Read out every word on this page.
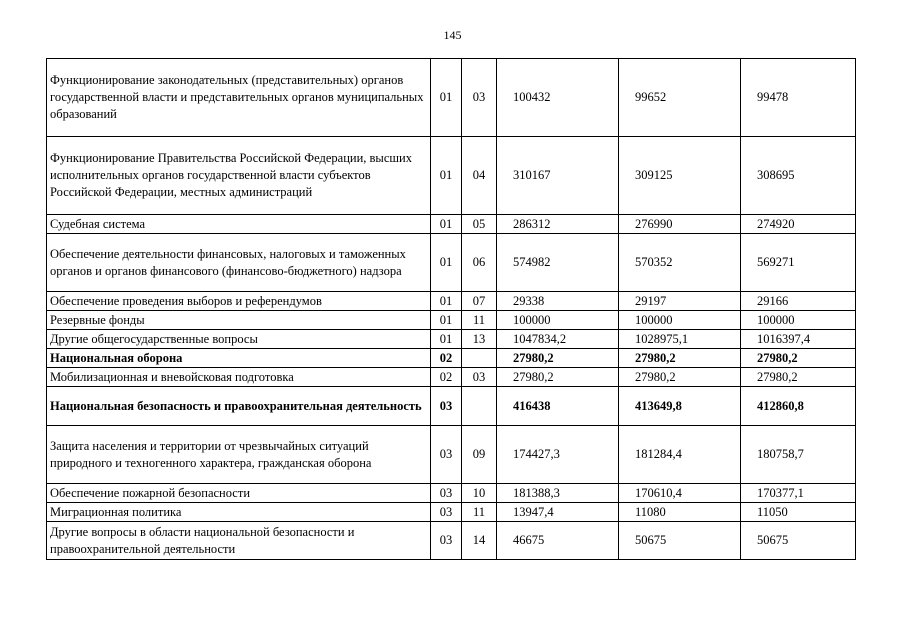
145
Функционирование законодательных (представительных) органов государственной власти и представительных органов муниципальных образований	01	03	100432	99652	99478
Функционирование Правительства Российской Федерации, высших исполнительных органов государственной власти субъектов Российской Федерации, местных администраций	01	04	310167	309125	308695
Судебная система	01	05	286312	276990	274920
Обеспечение деятельности финансовых, налоговых и таможенных органов и органов финансового (финансово-бюджетного) надзора	01	06	574982	570352	569271
Обеспечение проведения выборов и референдумов	01	07	29338	29197	29166
Резервные фонды	01	11	100000	100000	100000
Другие общегосударственные вопросы	01	13	1047834,2	1028975,1	1016397,4
Национальная оборона	02		27980,2	27980,2	27980,2
Мобилизационная и вневойсковая подготовка	02	03	27980,2	27980,2	27980,2
Национальная безопасность и правоохранительная деятельность	03		416438	413649,8	412860,8
Защита населения и территории от чрезвычайных ситуаций природного и техногенного характера, гражданская оборона	03	09	174427,3	181284,4	180758,7
Обеспечение пожарной безопасности	03	10	181388,3	170610,4	170377,1
Миграционная политика	03	11	13947,4	11080	11050
Другие вопросы в области национальной безопасности и правоохранительной деятельности	03	14	46675	50675	50675
